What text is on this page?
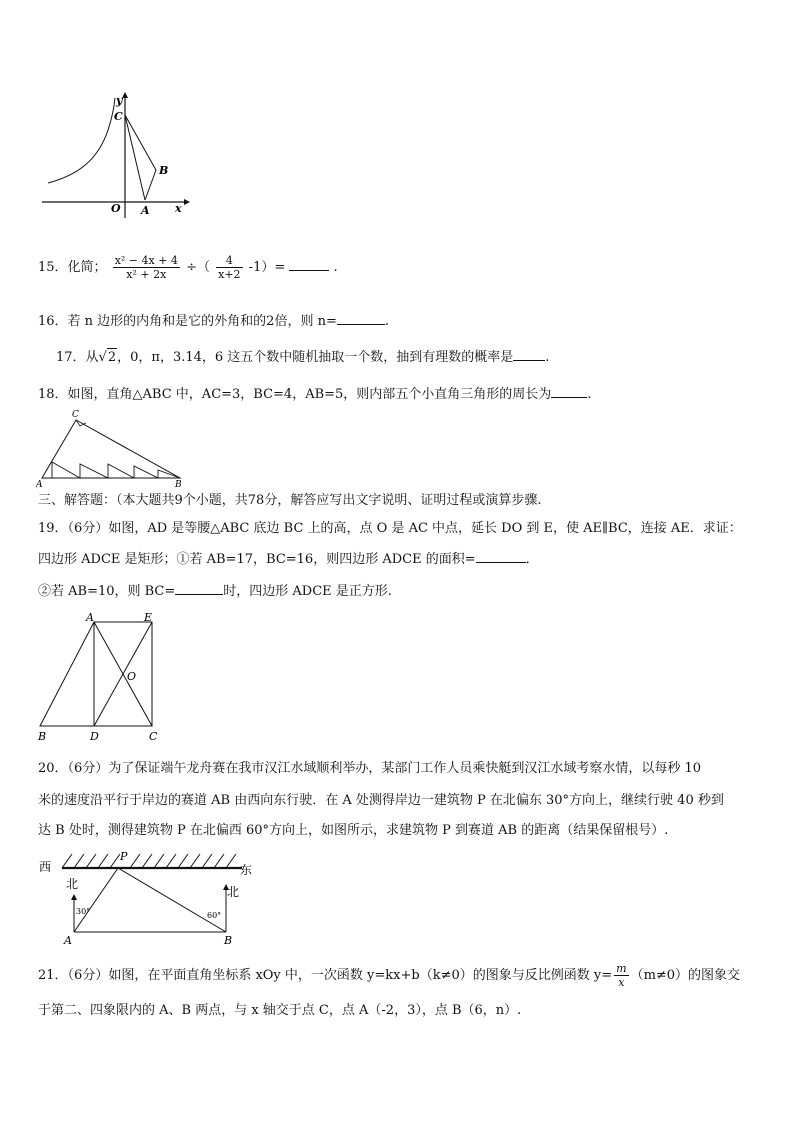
y
C
B
O A x
15．化简； $\frac{\text{x² − 4x + 4}}{\text{x² + 2x}}$ ÷（ $\frac{4}{x+2} -1)=$	.
16．若 n 边形的内角和是它的外角和的2倍，则 n=	.
17．从√2，0，π，3.14，6 这五个数中随机抽取一个数，抽到有理数的概率是 .
18．如图，直角△ABC 中，AC=3，BC=4，AB=5，则内部五个小直角三角形的周长为	.
C
A	B
三、解答题：（本大题共9个小题，共78分，解答应写出文字说明、证明过程或演算步骤.
19．（6分）如图，AD 是等腰△ABC 底边 BC 上的高，点 O 是 AC 中点，延长 DO 到 E，使 AE∥BC，连接 AE．求证：
四边形 ADCE 是矩形；①若 AB=17，BC=16，则四边形 ADCE 的面积=	．
②若 AB=10，则 BC=	时，四边形 ADCE 是正方形.
A	E
O
B	D	C
20．（6分）为了保证端午龙舟赛在我市汉江水域顺利举办，某部门工作人员乘快艇到汉江水域考察水情，以每秒 10
米的速度沿平行于岸边的赛道 AB 由西向东行驶．在 A 处测得岸边一建筑物 P 在北偏东 30°方向上，继续行驶 40 秒到
达 B 处时，测得建筑物 P 在北偏西 60°方向上，如图所示，求建筑物 P 到赛道 AB 的距离（结果保留根号）.
西	东
P
北
北
30°	60°
A	B
21．（6分）如图，在平面直角坐标系 xOy 中，一次函数 y=kx+b（k≠0）的图象与反比例函数 $y= \frac{m}{x} (m\ne 0)$的图象交
于第二、四象限内的 A、B 两点，与 x 轴交于点 C，点 A（-2，3），点 B（6，n）.
